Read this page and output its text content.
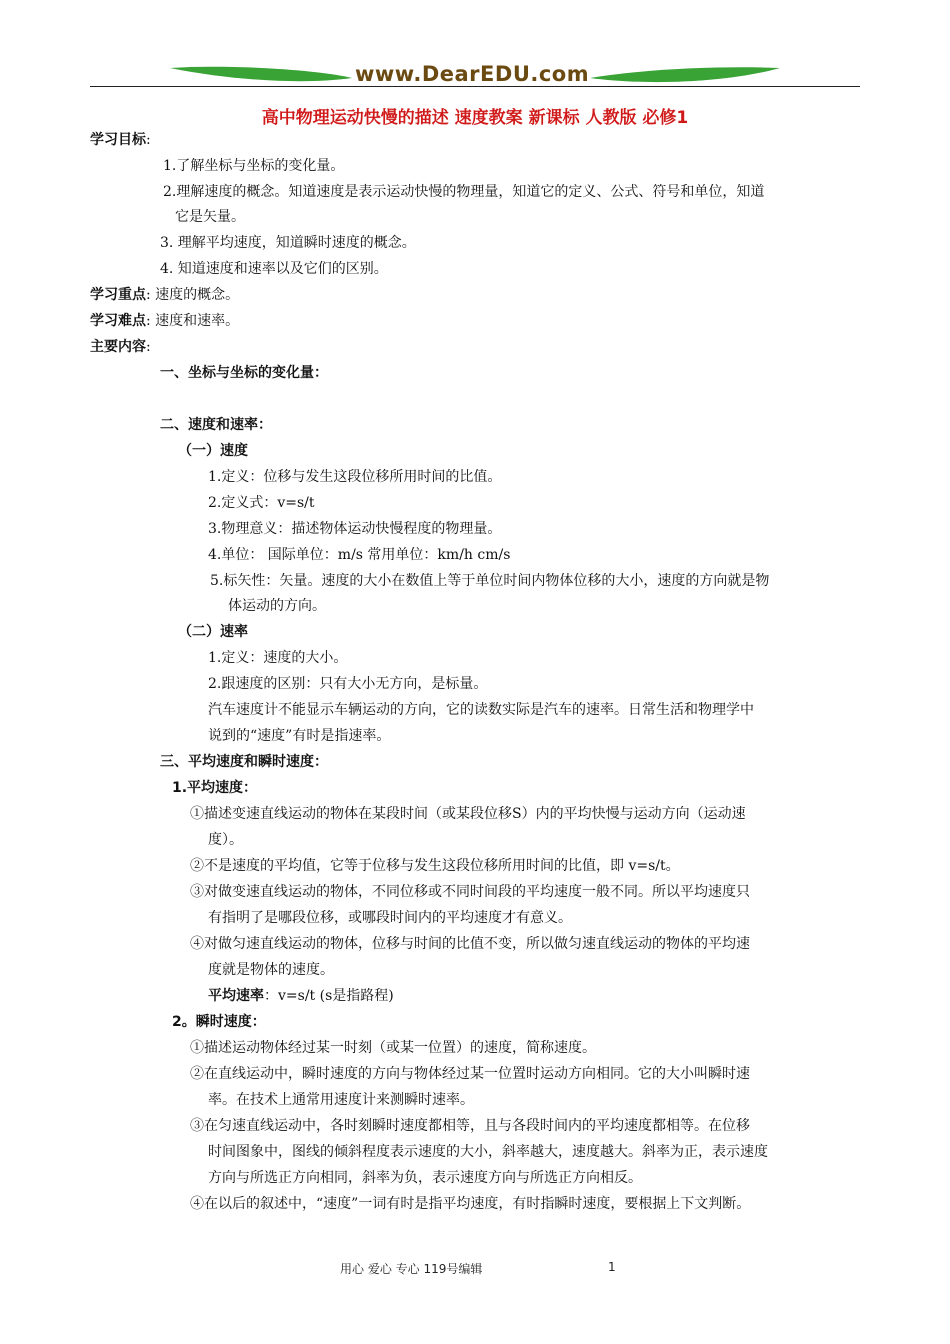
www.DearEDU.com
高中物理运动快慢的描述 速度教案 新课标 人教版 必修1
学习目标:
1.了解坐标与坐标的变化量。
2.理解速度的概念。知道速度是表示运动快慢的物理量，知道它的定义、公式、符号和单位，知道
它是矢量。
3. 理解平均速度，知道瞬时速度的概念。
4. 知道速度和速率以及它们的区别。
学习重点: 速度的概念。
学习难点: 速度和速率。
主要内容:
一、坐标与坐标的变化量：
二、速度和速率：
（一）速度
1.定义：位移与发生这段位移所用时间的比值。
2.定义式：v=s/t
3.物理意义：描述物体运动快慢程度的物理量。
4.单位： 国际单位：m/s 常用单位：km/h cm/s
5.标矢性：矢量。速度的大小在数值上等于单位时间内物体位移的大小，速度的方向就是物
体运动的方向。
（二）速率
1.定义：速度的大小。
2.跟速度的区别：只有大小无方向，是标量。
汽车速度计不能显示车辆运动的方向，它的读数实际是汽车的速率。日常生活和物理学中
说到的“速度”有时是指速率。
三、平均速度和瞬时速度：
1.平均速度：
①描述变速直线运动的物体在某段时间（或某段位移S）内的平均快慢与运动方向（运动速
度）。
②不是速度的平均值，它等于位移与发生这段位移所用时间的比值，即 v=s/t。
③对做变速直线运动的物体，不同位移或不同时间段的平均速度一般不同。所以平均速度只
有指明了是哪段位移，或哪段时间内的平均速度才有意义。
④对做匀速直线运动的物体，位移与时间的比值不变，所以做匀速直线运动的物体的平均速
度就是物体的速度。
平均速率：v=s/t (s是指路程)
2。瞬时速度：
①描述运动物体经过某一时刻（或某一位置）的速度，简称速度。
②在直线运动中，瞬时速度的方向与物体经过某一位置时运动方向相同。它的大小叫瞬时速
率。在技术上通常用速度计来测瞬时速率。
③在匀速直线运动中，各时刻瞬时速度都相等，且与各段时间内的平均速度都相等。在位移
时间图象中，图线的倾斜程度表示速度的大小，斜率越大，速度越大。斜率为正，表示速度
方向与所选正方向相同，斜率为负，表示速度方向与所选正方向相反。
④在以后的叙述中，“速度”一词有时是指平均速度，有时指瞬时速度，要根据上下文判断。
用心 爱心 专心 119号编辑	1
